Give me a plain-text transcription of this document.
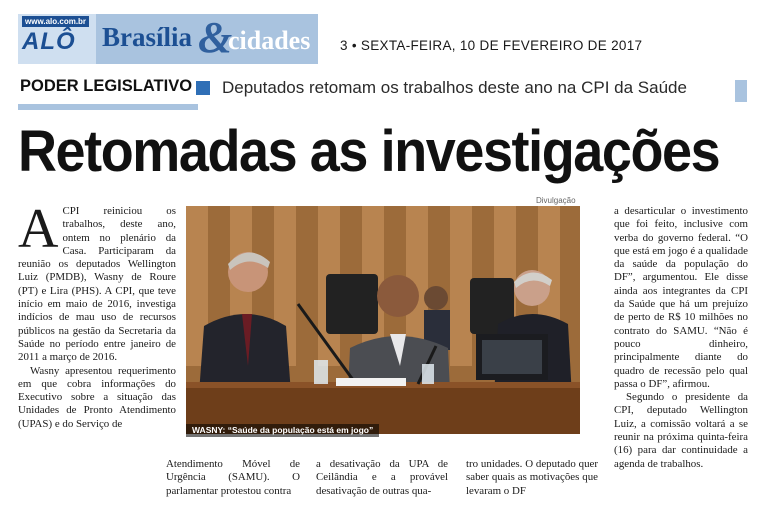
www.alo.com.br
ALÔ Brasília &
cidades 3 • SEXTA-FEIRA, 10 DE FEVEREIRO DE 2017
PODER LEGISLATIVO Deputados retomam os trabalhos deste ano na CPI da Saúde
Retomadas as investigações
A CPI reiniciou os trabalhos, deste ano, ontem no plenário da Casa. Participaram da reunião os deputados Wellington Luiz (PMDB), Wasny de Roure (PT) e Lira (PHS). A CPI, que teve início em maio de 2016, investiga indícios de mau uso de recursos públicos na gestão da Secretaria da Saúde no período entre janeiro de 2011 a março de 2016.

Wasny apresentou requerimento em que cobra informações do Executivo sobre a situação das Unidades de Pronto Atendimento (UPAS) e do Serviço de

Divulgação
WASNY: “Saúde da população está em jogo”

a desarticular o investimento que foi feito, inclusive com verba do governo federal. “O que está em jogo é a qualidade da saúde da população do DF”, argumentou. Ele disse ainda aos integrantes da CPI da Saúde que há um prejuízo de perto de R$ 10 milhões no contrato do SAMU. “Não é pouco dinheiro, principalmente diante do quadro de recessão pelo qual passa o DF”, afirmou.

Segundo o presidente da CPI, deputado Wellington Luiz, a comissão voltará a se reunir na próxima quinta-feira (16) para dar continuidade a agenda de trabalhos.

Atendimento Móvel de Urgência (SAMU). O parlamentar protestou contra

a desativação da UPA de Ceilândia e a provável desativação de outras qua-

tro unidades. O deputado quer saber quais as motivações que levaram o DF
